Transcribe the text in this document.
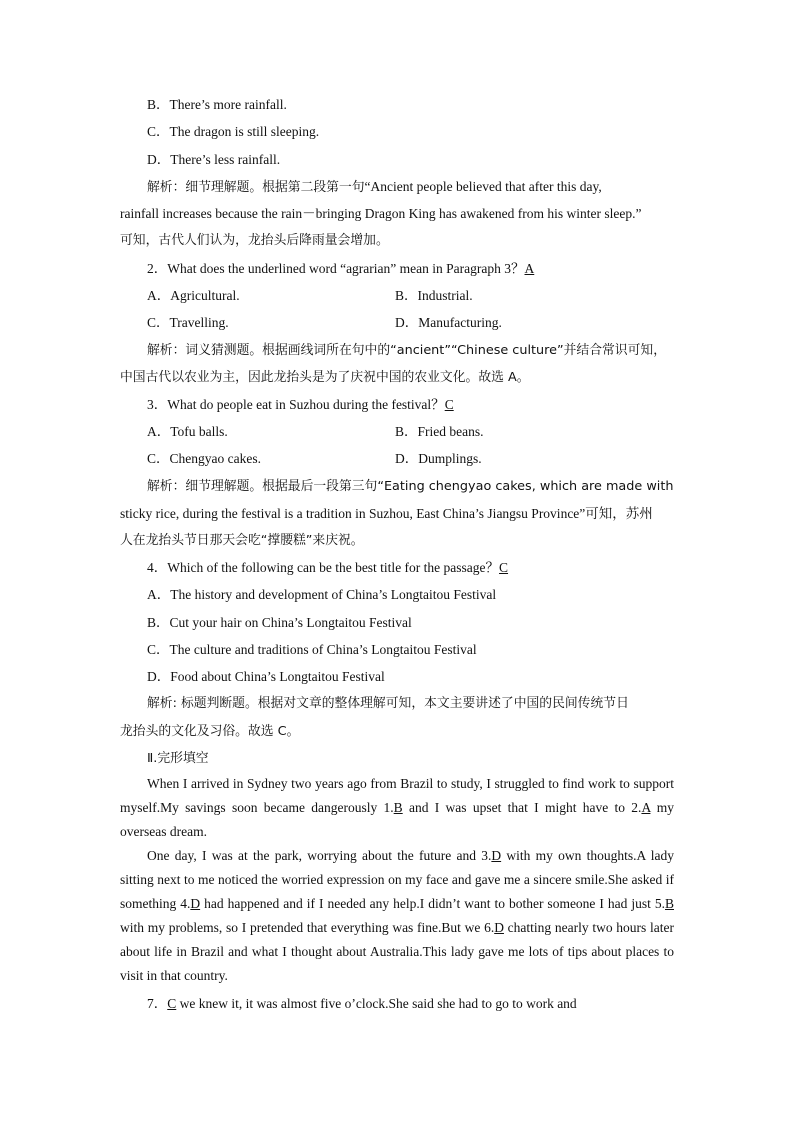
B．There’s more rainfall.
C．The dragon is still sleeping.
D．There’s less rainfall.
解析：细节理解题。根据第二段第一句“Ancient people believed that after this day,
rainfall increases because the rain－bringing Dragon King has awakened from his winter sleep.”
可知，古代人们认为，龙抬头后降雨量会增加。
2．What does the underlined word “agrarian” mean in Paragraph 3？A
A．Agricultural.	B．Industrial.
C．Travelling.	D．Manufacturing.
解析：词义猜测题。根据画线词所在句中的“ancient”“Chinese culture”并结合常识可知，
中国古代以农业为主，因此龙抬头是为了庆祝中国的农业文化。故选 A。
3．What do people eat in Suzhou during the festival？C
A．Tofu balls.	B．Fried beans.
C．Chengyao cakes.	D．Dumplings.
解析：细节理解题。根据最后一段第三句“Eating chengyao cakes, which are made with
sticky rice, during the festival is a tradition in Suzhou, East China’s Jiangsu Province”可知，苏州
人在龙抬头节日那天会吃“撑腰糕”来庆祝。
4．Which of the following can be the best title for the passage？C
A．The history and development of China’s Longtaitou Festival
B．Cut your hair on China’s Longtaitou Festival
C．The culture and traditions of China’s Longtaitou Festival
D．Food about China’s Longtaitou Festival
解析: 标题判断题。根据对文章的整体理解可知，本文主要讲述了中国的民间传统节日
龙抬头的文化及习俗。故选 C。
Ⅱ.完形填空
When I arrived in Sydney two years ago from Brazil to study, I struggled to find work to support myself.My savings soon became dangerously 1.B and I was upset that I might have to 2.A my overseas dream.
One day, I was at the park, worrying about the future and 3.D with my own thoughts.A lady sitting next to me noticed the worried expression on my face and gave me a sincere smile.She asked if something 4.D had happened and if I needed any help.I didn’t want to bother someone I had just 5.B with my problems, so I pretended that everything was fine.But we 6.D chatting nearly two hours later about life in Brazil and what I thought about Australia.This lady gave me lots of tips about places to visit in that country.
7．C we knew it, it was almost five o’clock.She said she had to go to work and
